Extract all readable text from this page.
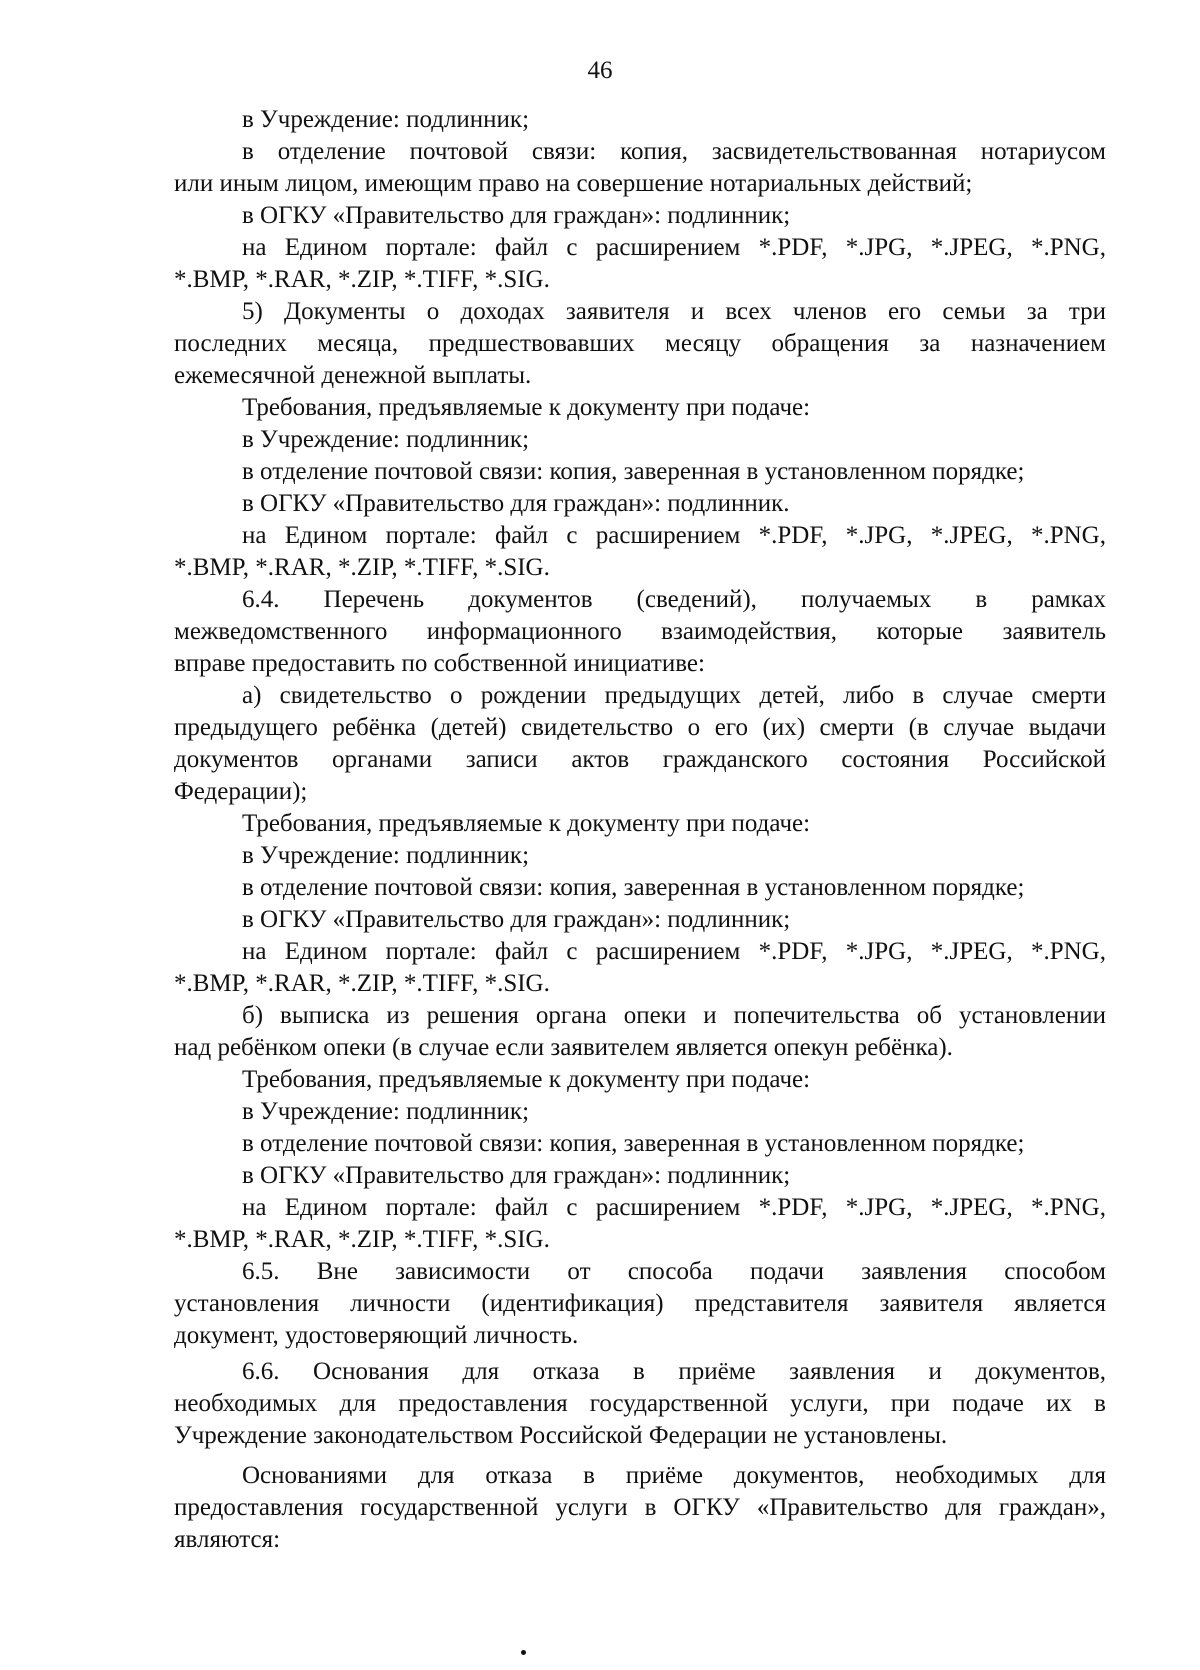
46
в Учреждение: подлинник;
в отделение почтовой связи: копия, засвидетельствованная нотариусом
или иным лицом, имеющим право на совершение нотариальных действий;
в ОГКУ «Правительство для граждан»: подлинник;
на Едином портале: файл с расширением *.PDF, *.JPG, *.JPEG, *.PNG,
*.BMP, *.RAR, *.ZIP, *.TIFF, *.SIG.
5) Документы о доходах заявителя и всех членов его семьи за три
последних месяца, предшествовавших месяцу обращения за назначением
ежемесячной денежной выплаты.
Требования, предъявляемые к документу при подаче:
в Учреждение: подлинник;
в отделение почтовой связи: копия, заверенная в установленном порядке;
в ОГКУ «Правительство для граждан»: подлинник.
на Едином портале: файл с расширением *.PDF, *.JPG, *.JPEG, *.PNG,
*.BMP, *.RAR, *.ZIP, *.TIFF, *.SIG.
6.4. Перечень документов (сведений), получаемых в рамках
межведомственного информационного взаимодействия, которые заявитель
вправе предоставить по собственной инициативе:
а) свидетельство о рождении предыдущих детей, либо в случае смерти
предыдущего ребёнка (детей) свидетельство о его (их) смерти (в случае выдачи
документов органами записи актов гражданского состояния Российской
Федерации);
Требования, предъявляемые к документу при подаче:
в Учреждение: подлинник;
в отделение почтовой связи: копия, заверенная в установленном порядке;
в ОГКУ «Правительство для граждан»: подлинник;
на Едином портале: файл с расширением *.PDF, *.JPG, *.JPEG, *.PNG,
*.BMP, *.RAR, *.ZIP, *.TIFF, *.SIG.
б) выписка из решения органа опеки и попечительства об установлении
над ребёнком опеки (в случае если заявителем является опекун ребёнка).
Требования, предъявляемые к документу при подаче:
в Учреждение: подлинник;
в отделение почтовой связи: копия, заверенная в установленном порядке;
в ОГКУ «Правительство для граждан»: подлинник;
на Едином портале: файл с расширением *.PDF, *.JPG, *.JPEG, *.PNG,
*.BMP, *.RAR, *.ZIP, *.TIFF, *.SIG.
6.5. Вне зависимости от способа подачи заявления способом
установления личности (идентификация) представителя заявителя является
документ, удостоверяющий личность.
6.6. Основания для отказа в приёме заявления и документов,
необходимых для предоставления государственной услуги, при подаче их в
Учреждение законодательством Российской Федерации не установлены.
Основаниями для отказа в приёме документов, необходимых для
предоставления государственной услуги в ОГКУ «Правительство для граждан»,
являются:
